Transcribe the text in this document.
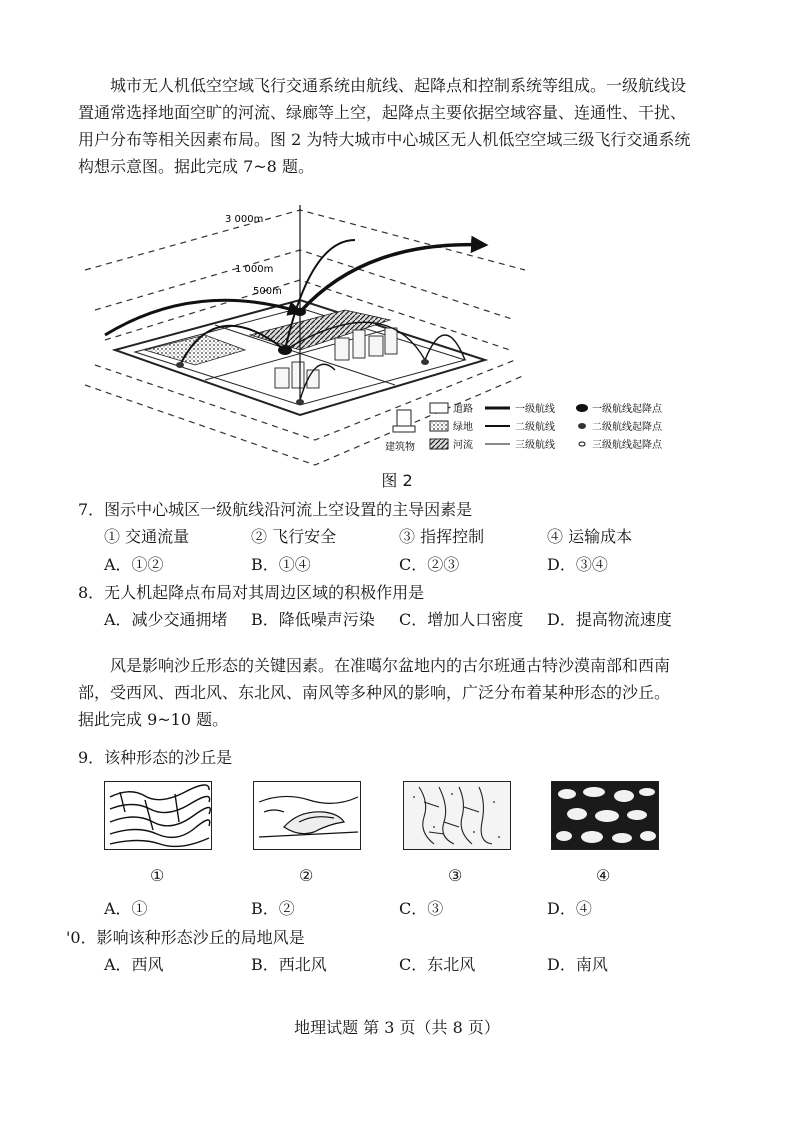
城市无人机低空空域飞行交通系统由航线、起降点和控制系统等组成。一级航线设
置通常选择地面空旷的河流、绿廊等上空，起降点主要依据空域容量、连通性、干扰、
用户分布等相关因素布局。图 2 为特大城市中心城区无人机低空空域三级飞行交通系统
构想示意图。据此完成 7~8 题。

3 000m
1 000m
500m
建筑物
道路
绿地
河流
一级航线
二级航线
三级航线
一级航线起降点
二级航线起降点
三级航线起降点
图 2
7．图示中心城区一级航线沿河流上空设置的主导因素是
① 交通流量	② 飞行安全	③ 指挥控制	④ 运输成本
A．①②	B．①④	C．②③	D．③④
8．无人机起降点布局对其周边区域的积极作用是
A．减少交通拥堵 B．降低噪声污染 C．增加人口密度 D．提高物流速度

风是影响沙丘形态的关键因素。在准噶尔盆地内的古尔班通古特沙漠南部和西南
部，受西风、西北风、东北风、南风等多种风的影响，广泛分布着某种形态的沙丘。
据此完成 9~10 题。

9．该种形态的沙丘是
①	②	③	④
A．①	B．②	C．③	D．④
'0．影响该种形态沙丘的局地风是
A．西风	B．西北风	C．东北风	D．南风
地理试题 第 3 页（共 8 页）
